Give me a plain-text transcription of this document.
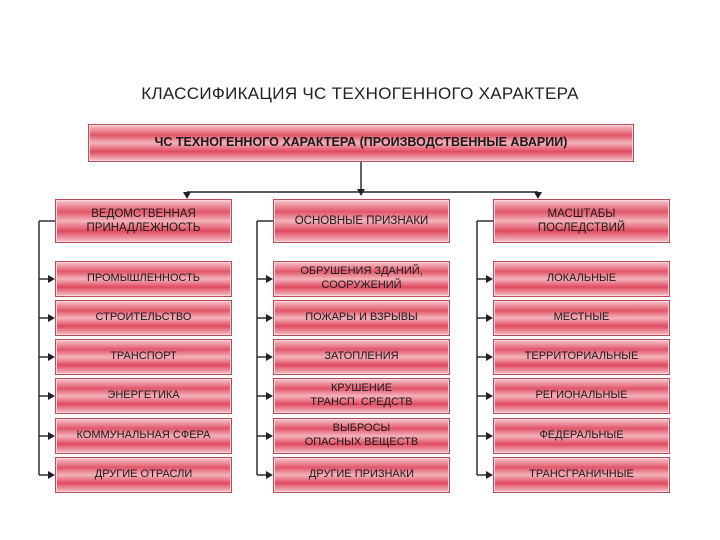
КЛАССИФИКАЦИЯ ЧС ТЕХНОГЕННОГО ХАРАКТЕРА
ЧС ТЕХНОГЕННОГО ХАРАКТЕРА (ПРОИЗВОДСТВЕННЫЕ АВАРИИ)
ВЕДОМСТВЕННАЯ
ПРИНАДЛЕЖНОСТЬ
ПРОМЫШЛЕННОСТЬ
СТРОИТЕЛЬСТВО
ТРАНСПОРТ
ЭНЕРГЕТИКА
КОММУНАЛЬНАЯ СФЕРА
ДРУГИЕ ОТРАСЛИ
ОСНОВНЫЕ ПРИЗНАКИ
ОБРУШЕНИЯ ЗДАНИЙ,
СООРУЖЕНИЙ
ПОЖАРЫ И ВЗРЫВЫ
ЗАТОПЛЕНИЯ
КРУШЕНИЕ
ТРАНСП. СРЕДСТВ
ВЫБРОСЫ
ОПАСНЫХ ВЕЩЕСТВ
ДРУГИЕ ПРИЗНАКИ
МАСШТАБЫ
ПОСЛЕДСТВИЙ
ЛОКАЛЬНЫЕ
МЕСТНЫЕ
ТЕРРИТОРИАЛЬНЫЕ
РЕГИОНАЛЬНЫЕ
ФЕДЕРАЛЬНЫЕ
ТРАНСГРАНИЧНЫЕ
